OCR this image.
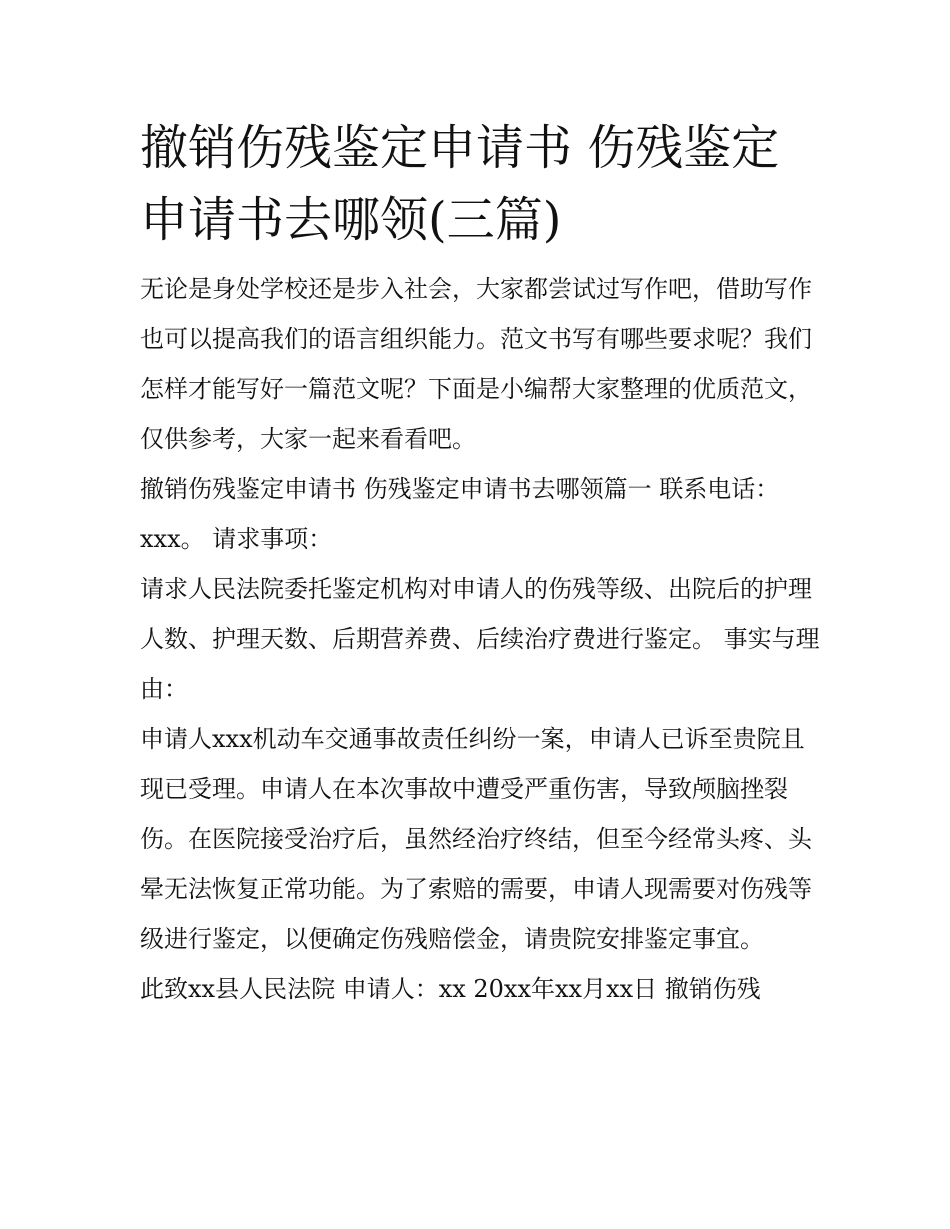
撤销伤残鉴定申请书 伤残鉴定申请书去哪领(三篇)

无论是身处学校还是步入社会，大家都尝试过写作吧，借助写作也可以提高我们的语言组织能力。范文书写有哪些要求呢？我们怎样才能写好一篇范文呢？下面是小编帮大家整理的优质范文，仅供参考，大家一起来看看吧。

撤销伤残鉴定申请书 伤残鉴定申请书去哪领篇一 联系电话：xxx。 请求事项：

请求人民法院委托鉴定机构对申请人的伤残等级、出院后的护理人数、护理天数、后期营养费、后续治疗费进行鉴定。 事实与理由：

申请人xxx机动车交通事故责任纠纷一案，申请人已诉至贵院且现已受理。申请人在本次事故中遭受严重伤害，导致颅脑挫裂伤。在医院接受治疗后，虽然经治疗终结，但至今经常头疼、头晕无法恢复正常功能。为了索赔的需要，申请人现需要对伤残等级进行鉴定，以便确定伤残赔偿金，请贵院安排鉴定事宜。

此致xx县人民法院 申请人：xx 20xx年xx月xx日 撤销伤残
